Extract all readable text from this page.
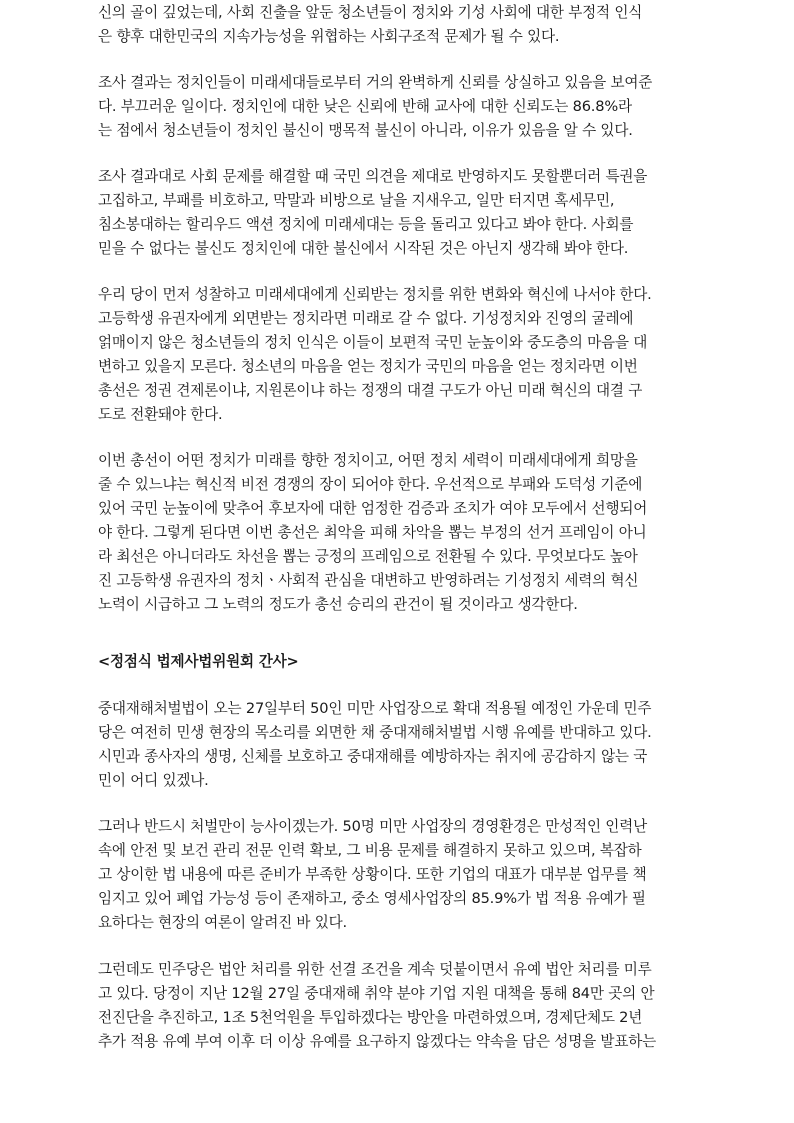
신의 골이 깊었는데, 사회 진출을 앞둔 청소년들이 정치와 기성 사회에 대한 부정적 인식
은 향후 대한민국의 지속가능성을 위협하는 사회구조적 문제가 될 수 있다.
조사 결과는 정치인들이 미래세대들로부터 거의 완벽하게 신뢰를 상실하고 있음을 보여준
다. 부끄러운 일이다. 정치인에 대한 낮은 신뢰에 반해 교사에 대한 신뢰도는 86.8%라
는 점에서 청소년들이 정치인 불신이 맹목적 불신이 아니라, 이유가 있음을 알 수 있다.
조사 결과대로 사회 문제를 해결할 때 국민 의견을 제대로 반영하지도 못할뿐더러 특권을
고집하고, 부패를 비호하고, 막말과 비방으로 날을 지새우고, 일만 터지면 혹세무민,
침소봉대하는 할리우드 액션 정치에 미래세대는 등을 돌리고 있다고 봐야 한다. 사회를
믿을 수 없다는 불신도 정치인에 대한 불신에서 시작된 것은 아닌지 생각해 봐야 한다.
우리 당이 먼저 성찰하고 미래세대에게 신뢰받는 정치를 위한 변화와 혁신에 나서야 한다.
고등학생 유권자에게 외면받는 정치라면 미래로 갈 수 없다. 기성정치와 진영의 굴레에
얽매이지 않은 청소년들의 정치 인식은 이들이 보편적 국민 눈높이와 중도층의 마음을 대
변하고 있을지 모른다. 청소년의 마음을 얻는 정치가 국민의 마음을 얻는 정치라면 이번
총선은 정권 견제론이냐, 지원론이냐 하는 정쟁의 대결 구도가 아닌 미래 혁신의 대결 구
도로 전환돼야 한다.
이번 총선이 어떤 정치가 미래를 향한 정치이고, 어떤 정치 세력이 미래세대에게 희망을
줄 수 있느냐는 혁신적 비전 경쟁의 장이 되어야 한다. 우선적으로 부패와 도덕성 기준에
있어 국민 눈높이에 맞추어 후보자에 대한 엄정한 검증과 조치가 여야 모두에서 선행되어
야 한다. 그렇게 된다면 이번 총선은 최악을 피해 차악을 뽑는 부정의 선거 프레임이 아니
라 최선은 아니더라도 차선을 뽑는 긍정의 프레임으로 전환될 수 있다. 무엇보다도 높아
진 고등학생 유권자의 정치ㆍ사회적 관심을 대변하고 반영하려는 기성정치 세력의 혁신
노력이 시급하고 그 노력의 정도가 총선 승리의 관건이 될 것이라고 생각한다.
<정점식 법제사법위원회 간사>
중대재해처벌법이 오는 27일부터 50인 미만 사업장으로 확대 적용될 예정인 가운데 민주
당은 여전히 민생 현장의 목소리를 외면한 채 중대재해처벌법 시행 유예를 반대하고 있다.
시민과 종사자의 생명, 신체를 보호하고 중대재해를 예방하자는 취지에 공감하지 않는 국
민이 어디 있겠나.
그러나 반드시 처벌만이 능사이겠는가. 50명 미만 사업장의 경영환경은 만성적인 인력난
속에 안전 및 보건 관리 전문 인력 확보, 그 비용 문제를 해결하지 못하고 있으며, 복잡하
고 상이한 법 내용에 따른 준비가 부족한 상황이다. 또한 기업의 대표가 대부분 업무를 책
임지고 있어 폐업 가능성 등이 존재하고, 중소 영세사업장의 85.9%가 법 적용 유예가 필
요하다는 현장의 여론이 알려진 바 있다.
그런데도 민주당은 법안 처리를 위한 선결 조건을 계속 덧붙이면서 유예 법안 처리를 미루
고 있다. 당정이 지난 12월 27일 중대재해 취약 분야 기업 지원 대책을 통해 84만 곳의 안
전진단을 추진하고, 1조 5천억원을 투입하겠다는 방안을 마련하였으며, 경제단체도 2년
추가 적용 유예 부여 이후 더 이상 유예를 요구하지 않겠다는 약속을 담은 성명을 발표하는
